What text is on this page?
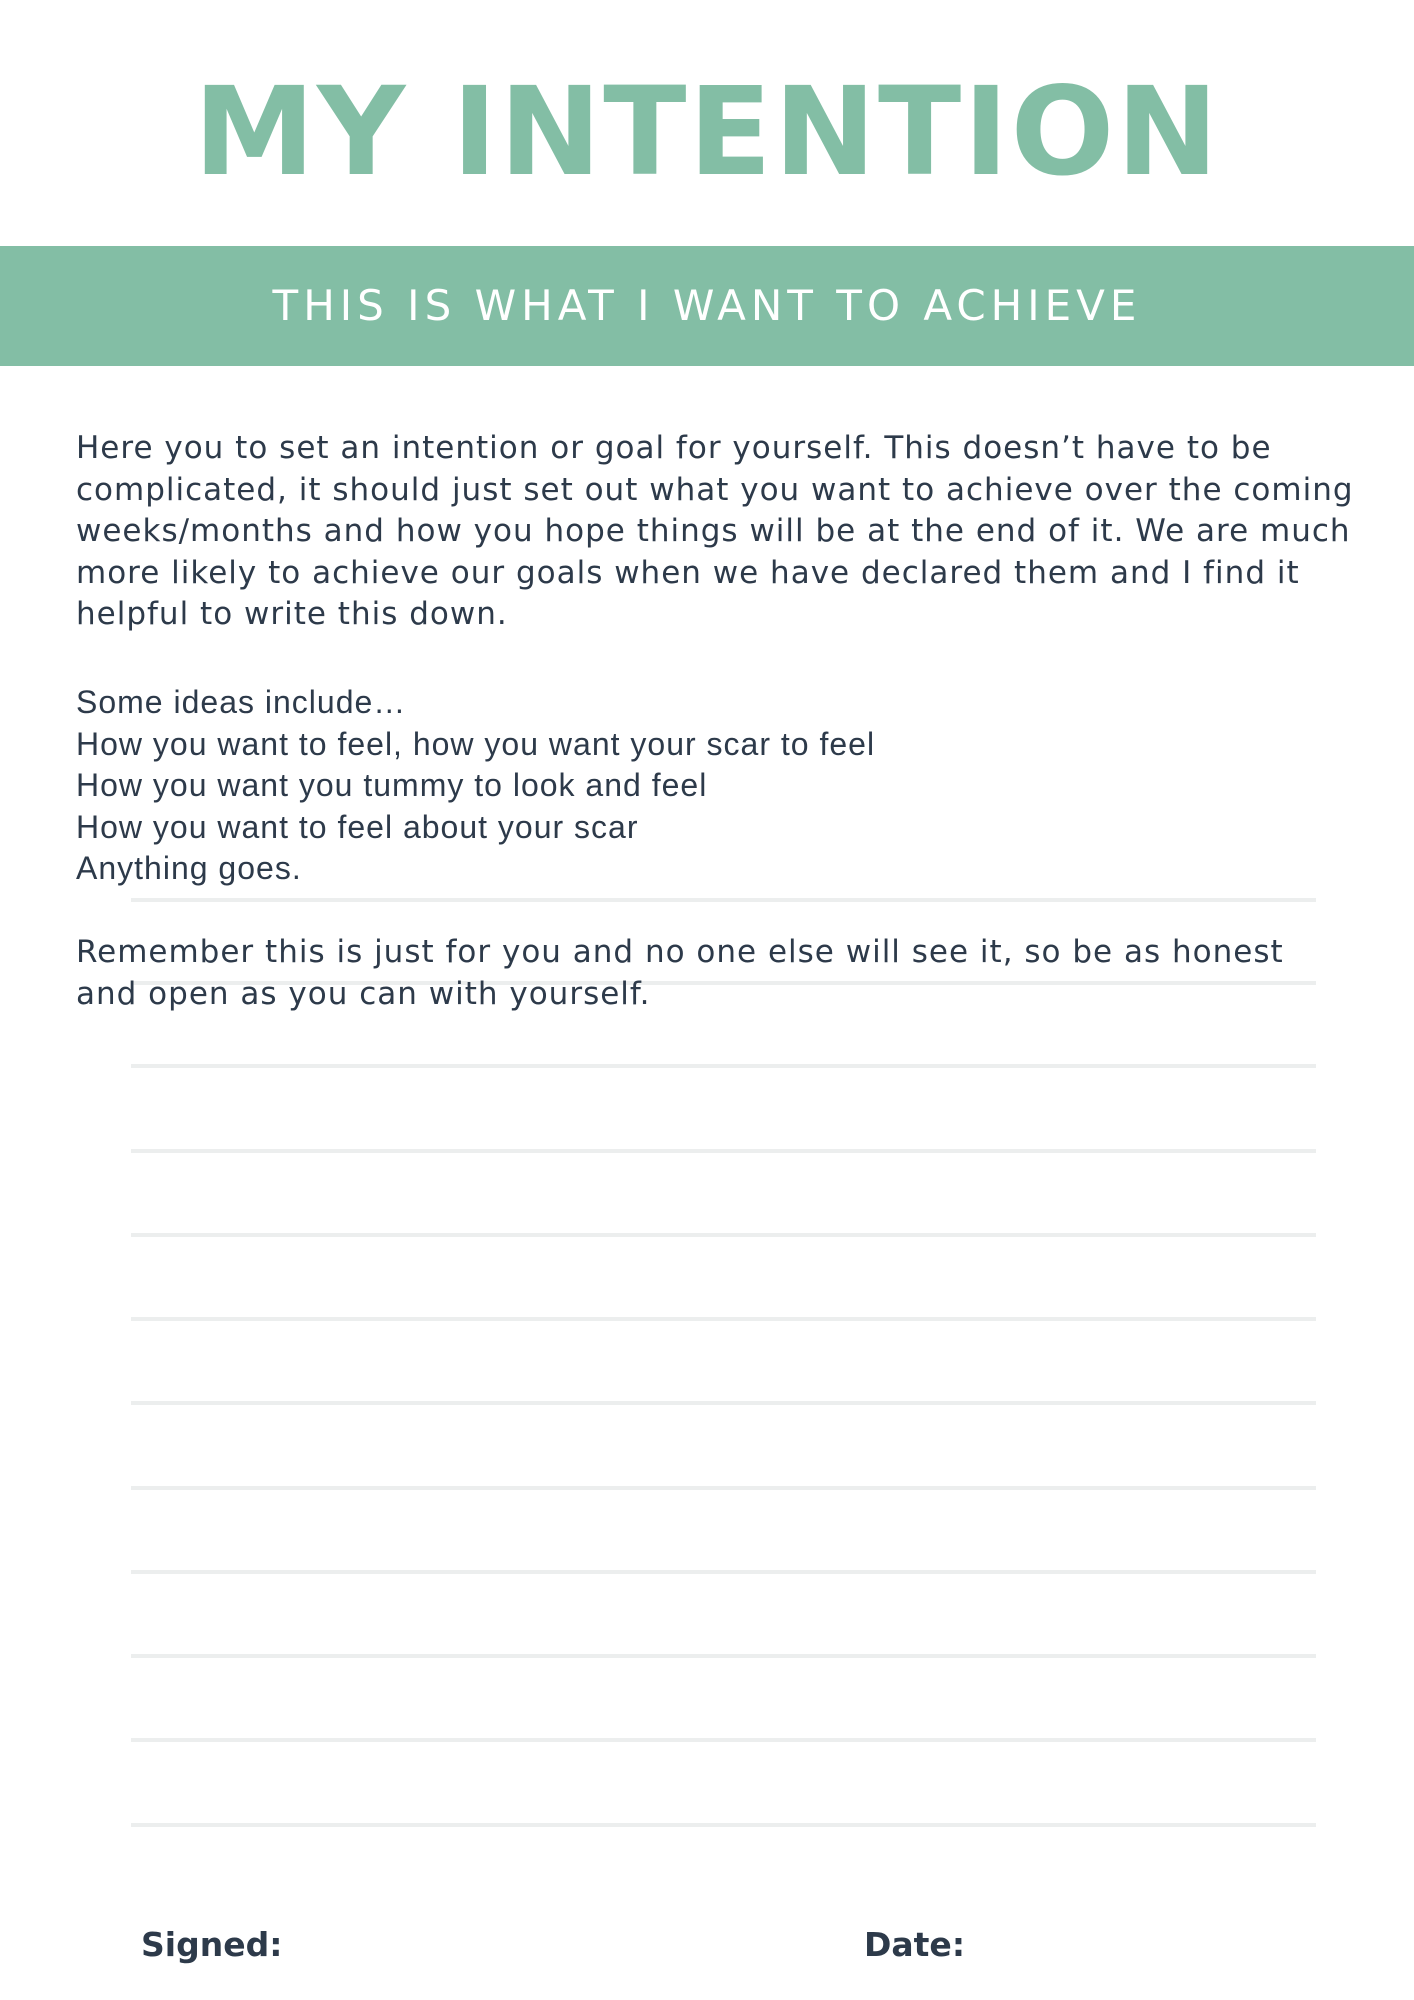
MY INTENTION
THIS IS WHAT I WANT TO ACHIEVE

Here you to set an intention or goal for yourself. This doesn’t have to be complicated, it should just set out what you want to achieve over the coming weeks/months and how you hope things will be at the end of it. We are much more likely to achieve our goals when we have declared them and I find it helpful to write this down.

Some ideas include…
How you want to feel, how you want your scar to feel
How you want you tummy to look and feel
How you want to feel about your scar
Anything goes.

Remember this is just for you and no one else will see it, so be as honest and open as you can with yourself.

Signed:	Date:
